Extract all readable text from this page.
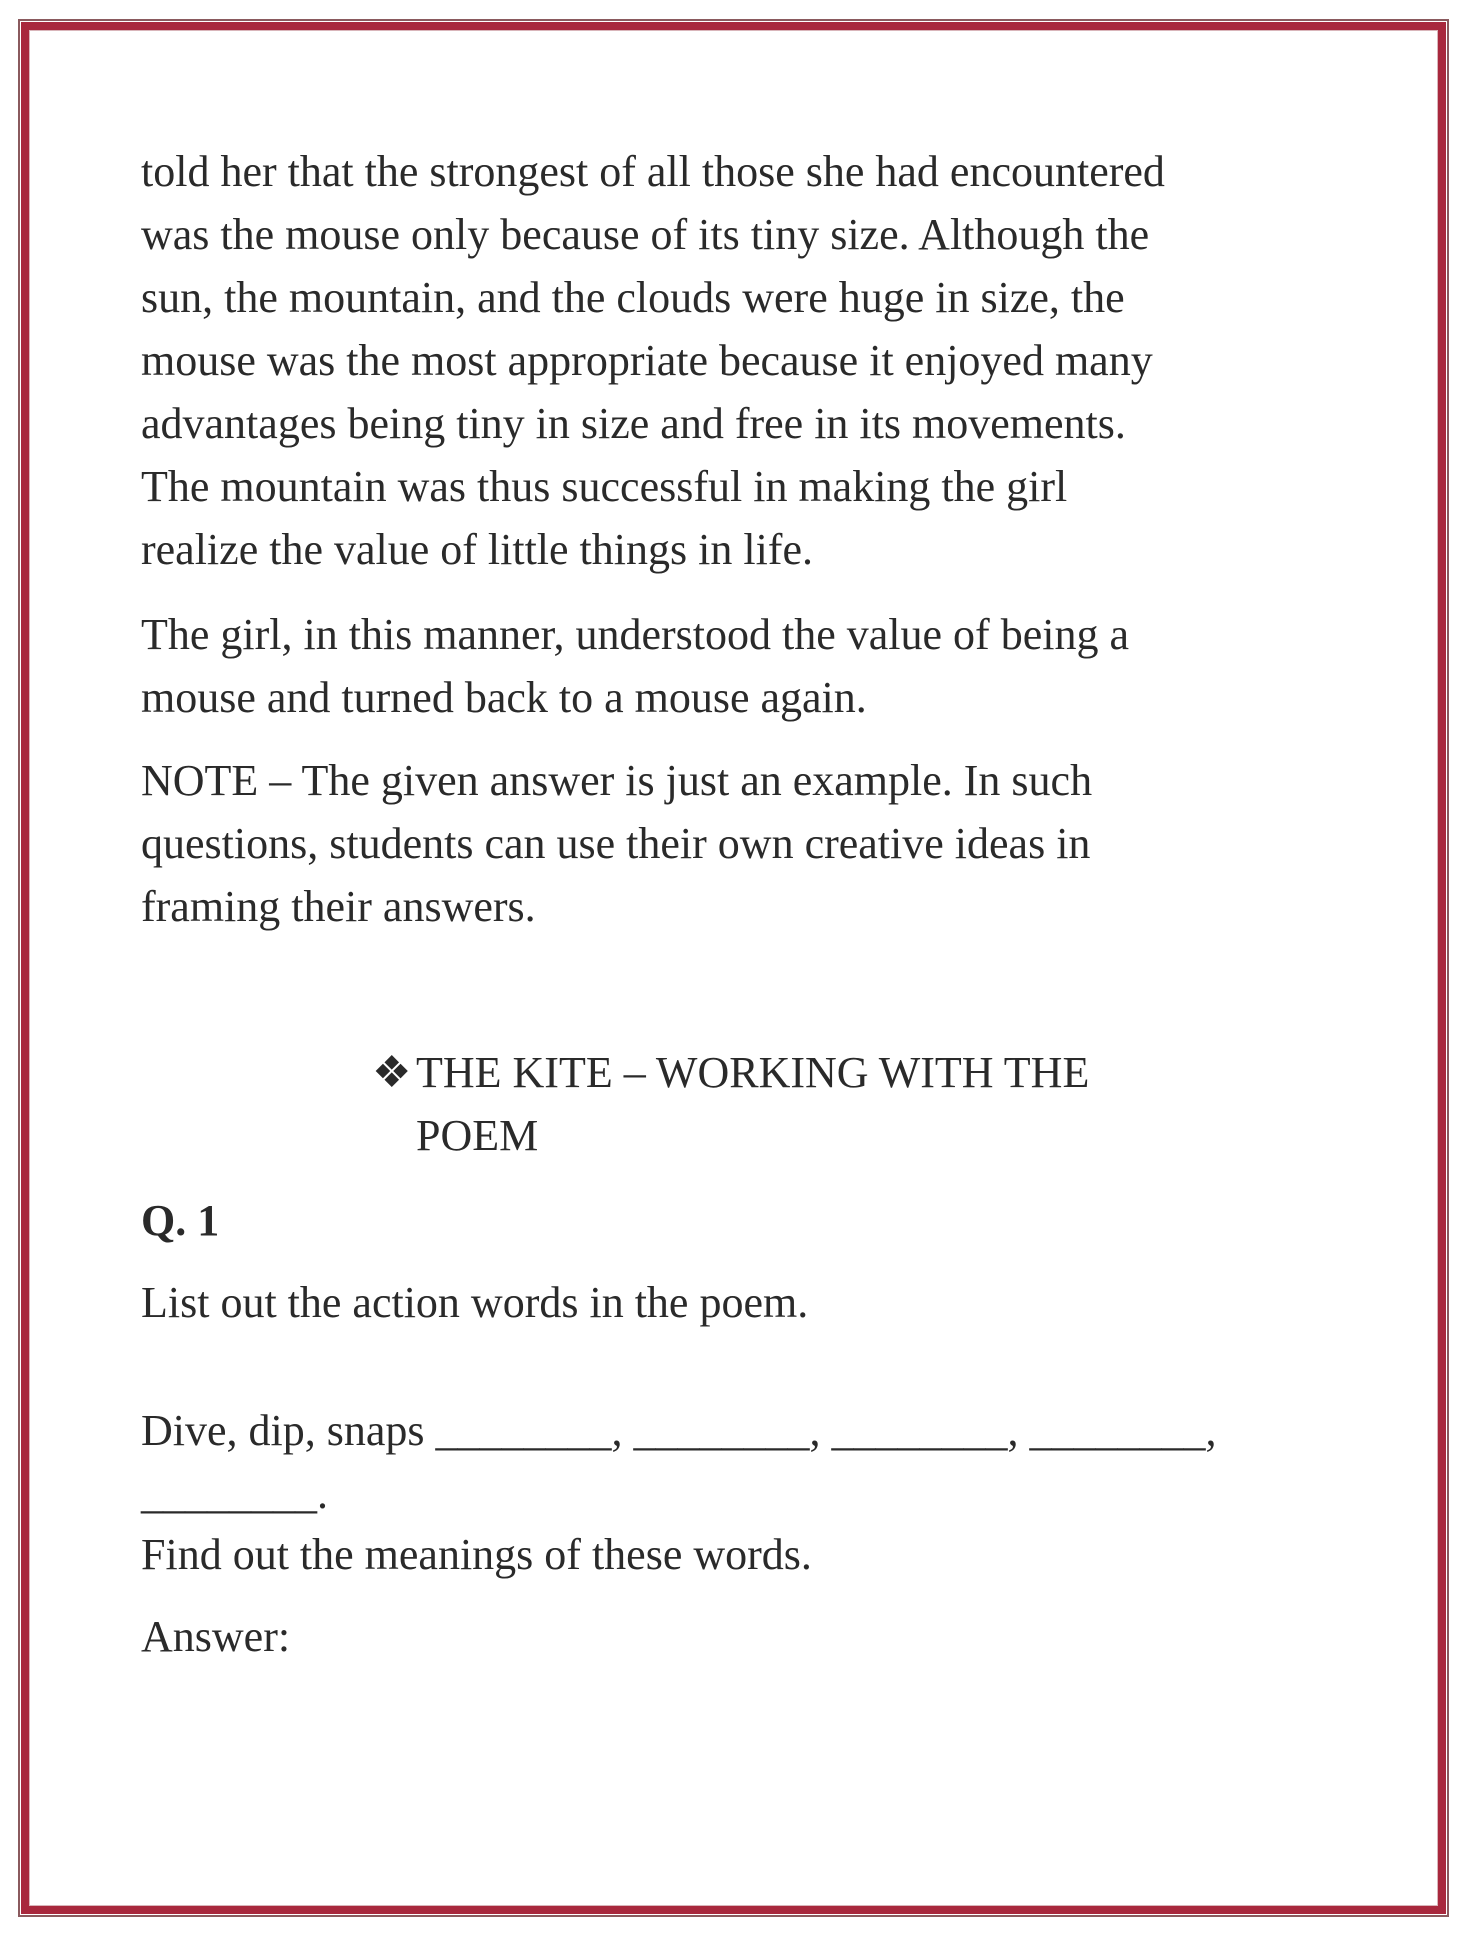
told her that the strongest of all those she had encountered
was the mouse only because of its tiny size. Although the
sun, the mountain, and the clouds were huge in size, the
mouse was the most appropriate because it enjoyed many
advantages being tiny in size and free in its movements.
The mountain was thus successful in making the girl
realize the value of little things in life.
The girl, in this manner, understood the value of being a
mouse and turned back to a mouse again.
NOTE – The given answer is just an example. In such
questions, students can use their own creative ideas in
framing their answers.
❖ THE KITE – WORKING WITH THE
POEM
Q. 1
List out the action words in the poem.
Dive, dip, snaps ________, ________, ________, ________,
________.
Find out the meanings of these words.
Answer:
